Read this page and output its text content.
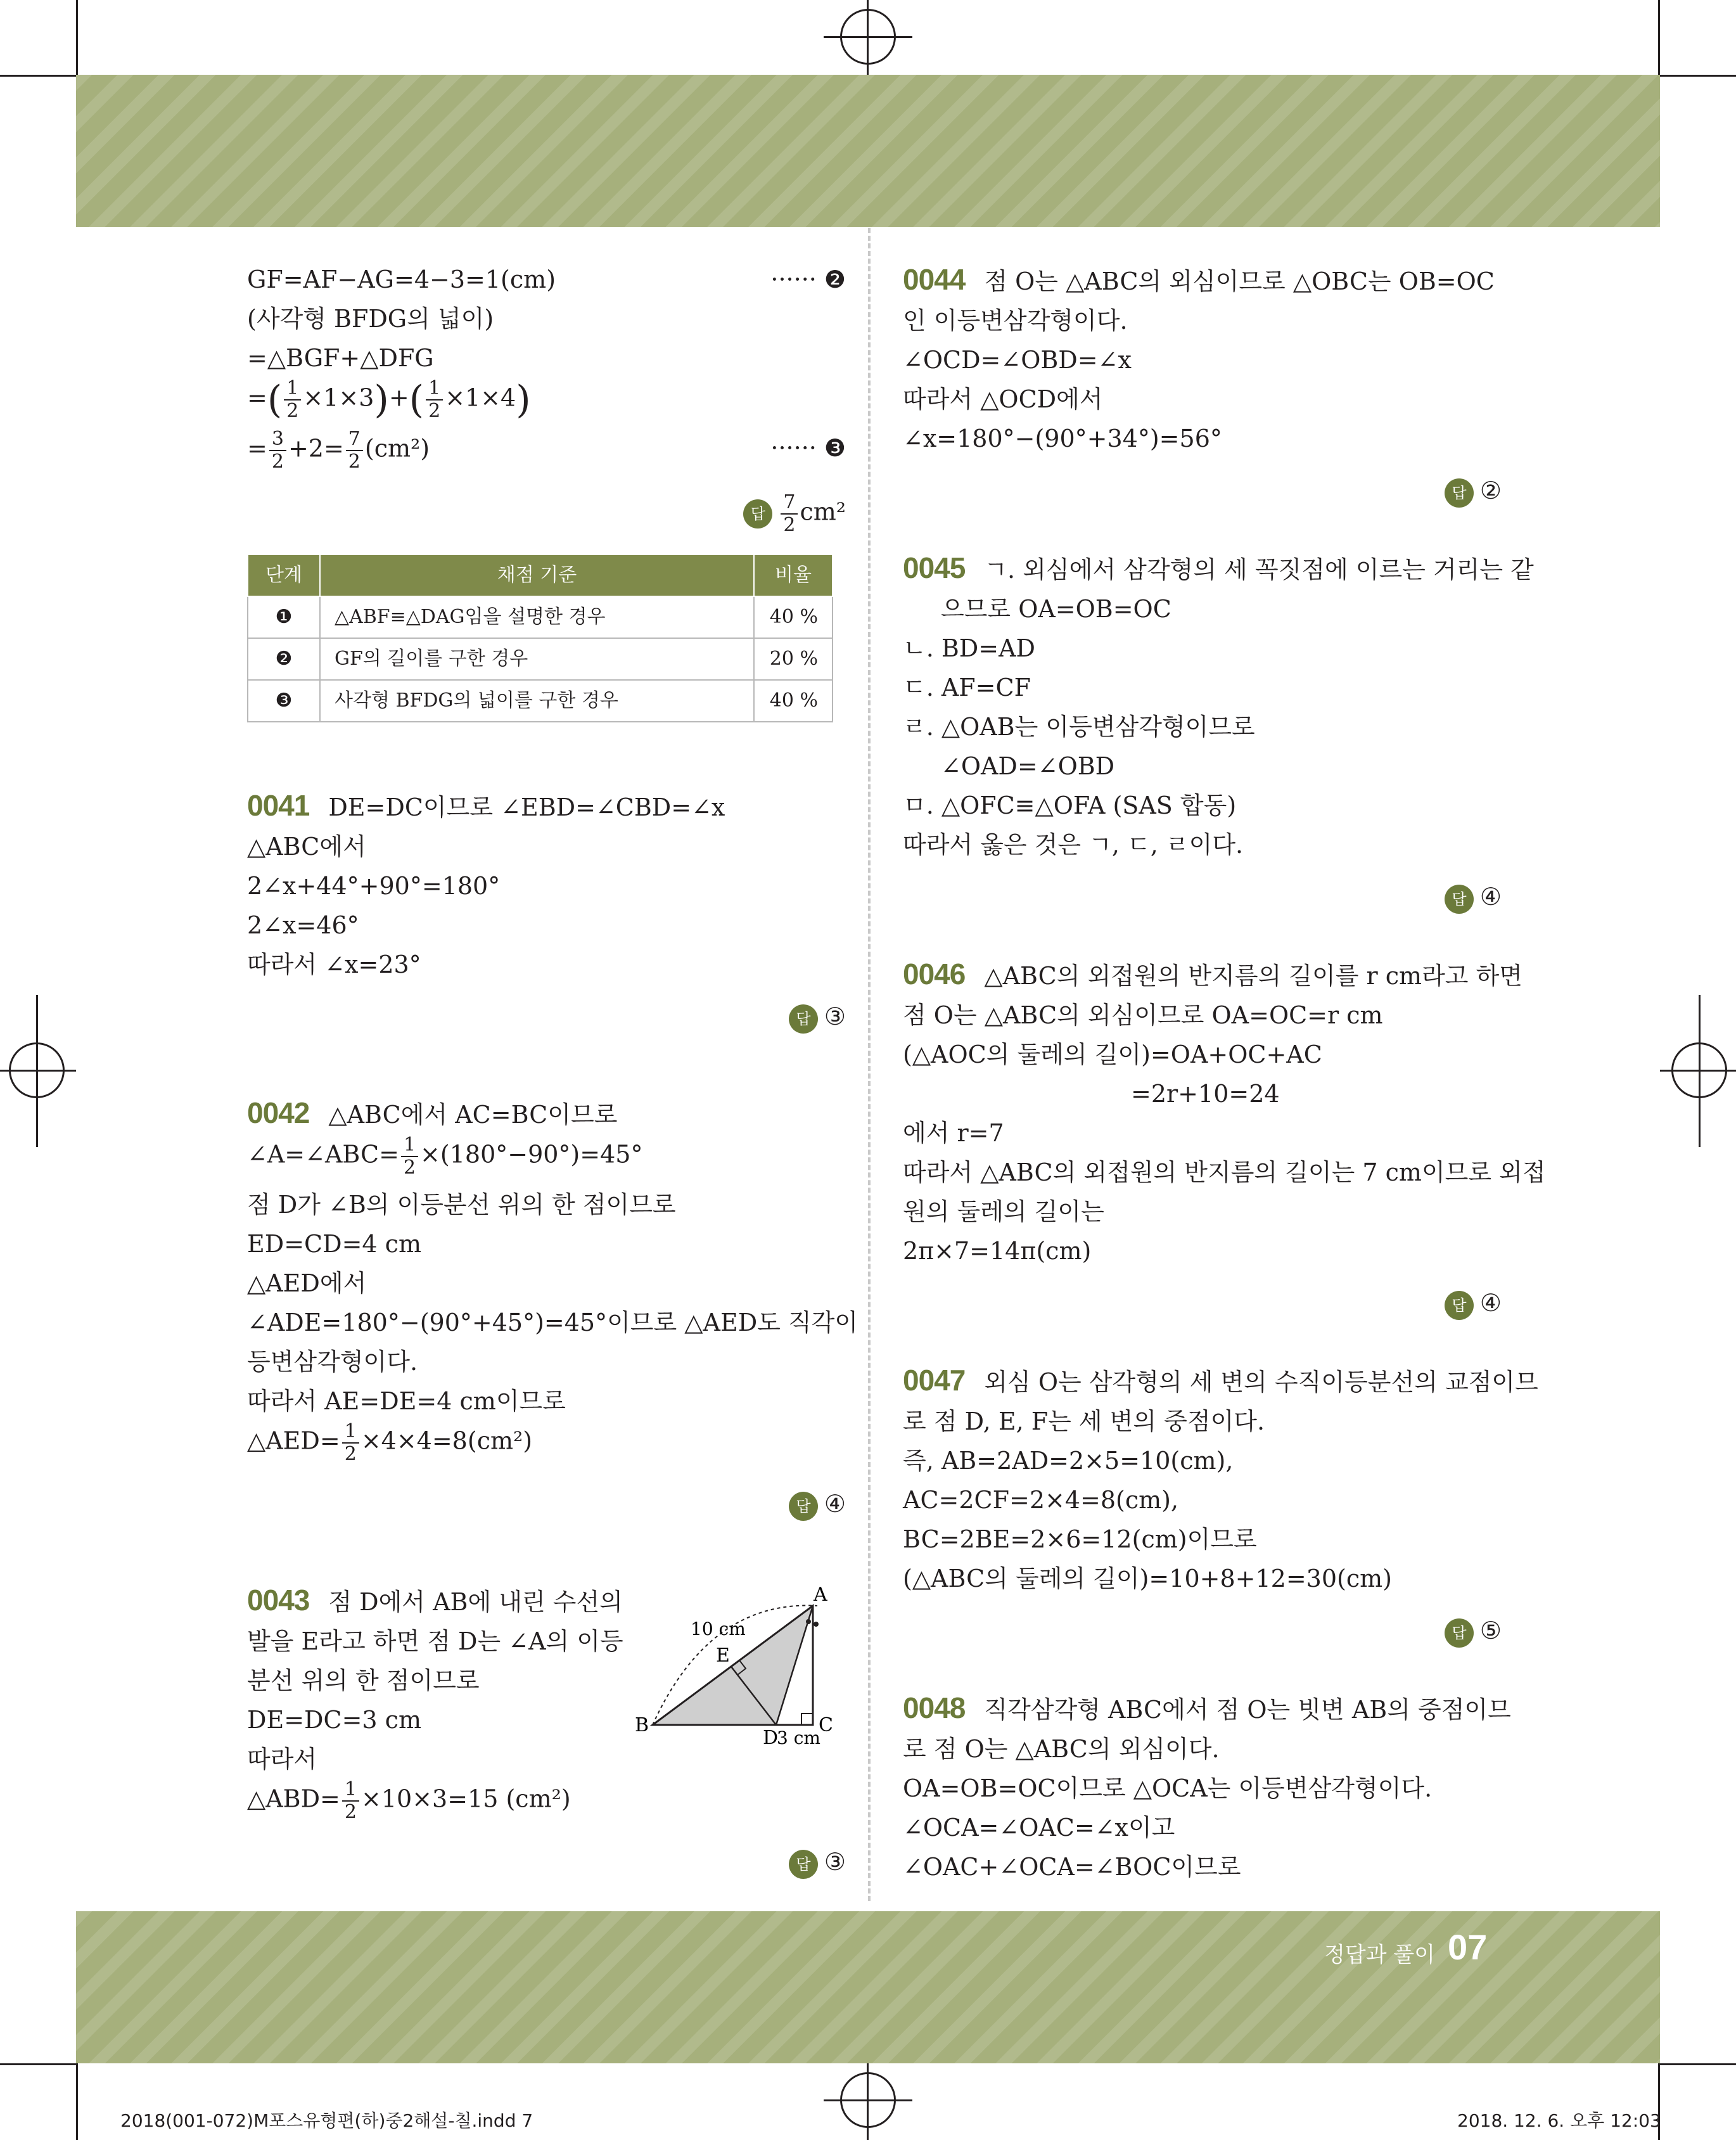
GF=AF−AG=4−3=1(cm)	······ ❷
(사각형 BFDG의 넓이)
=△BGF+△DFG
=( $\frac{1}{2} \times 1\times 3)+( \frac{1}{2} \times 1\times 4)$
= $\frac{3}{2} +2= \frac{7}{2} (cm^2)$	······ ❸
답 $\frac{7}{2} cm^2$
단계	채점 기준	비율
❶	△ABF≡△DAG임을 설명한 경우	40 %
❷	GF의 길이를 구한 경우	20 %
❸	사각형 BFDG의 넓이를 구한 경우	40 %
0041 DE=DC이므로 ∠EBD=∠CBD=∠x
△ABC에서
2∠x+44°+90°=180°
2∠x=46°
따라서 ∠x=23°
답 ③
0042 △ABC에서 AC=BC이므로
∠A=∠ABC= $\frac{1}{2} \times(180^\circ-90^\circ)=45^\circ$
점 D가 ∠B의 이등분선 위의 한 점이므로
ED=CD=4 cm
△AED에서
∠ADE=180°−(90°+45°)=45°이므로 △AED도 직각이
등변삼각형이다.
따라서 AE=DE=4 cm이므로
△AED= $\frac{1}{2} \times 4\times 4=8(cm^2)$
답 ④
0043 점 D에서 AB에 내린 수선의
발을 E라고 하면 점 D는 ∠A의 이등
분선 위의 한 점이므로
DE=DC=3 cm
따라서
△ABD= $\frac{1}{2} \times 10\times 3=15$ (cm²)
A
B	C
D
E
10 cm
3 cm
답 ③
0044 점 O는 △ABC의 외심이므로 △OBC는 OB=OC
인 이등변삼각형이다.
∠OCD=∠OBD=∠x
따라서 △OCD에서
∠x=180°−(90°+34°)=56°
답 ②
0045 ㄱ. 외심에서 삼각형의 세 꼭짓점에 이르는 거리는 같
으므로 OA=OB=OC
ㄴ. BD=AD
ㄷ. AF=CF
ㄹ. △OAB는 이등변삼각형이므로
∠OAD=∠OBD
ㅁ. △OFC≡△OFA (SAS 합동)
따라서 옳은 것은 ㄱ, ㄷ, ㄹ이다.
답 ④
0046 △ABC의 외접원의 반지름의 길이를 r cm라고 하면
점 O는 △ABC의 외심이므로 OA=OC=r cm
(△AOC의 둘레의 길이)=OA+OC+AC
=2r+10=24
에서 r=7
따라서 △ABC의 외접원의 반지름의 길이는 7 cm이므로 외접
원의 둘레의 길이는
2π×7=14π(cm)
답 ④
0047 외심 O는 삼각형의 세 변의 수직이등분선의 교점이므
로 점 D, E, F는 세 변의 중점이다.
즉, AB=2AD=2×5=10(cm),
AC=2CF=2×4=8(cm),
BC=2BE=2×6=12(cm)이므로
(△ABC의 둘레의 길이)=10+8+12=30(cm)
답 ⑤
0048 직각삼각형 ABC에서 점 O는 빗변 AB의 중점이므
로 점 O는 △ABC의 외심이다.
OA=OB=OC이므로 △OCA는 이등변삼각형이다.
∠OCA=∠OAC=∠x이고
∠OAC+∠OCA=∠BOC이므로
정답과 풀이 07
2018(001-072)M포스유형편(하)중2해설-칠.indd 7	2018. 12. 6. 오후 12:03
